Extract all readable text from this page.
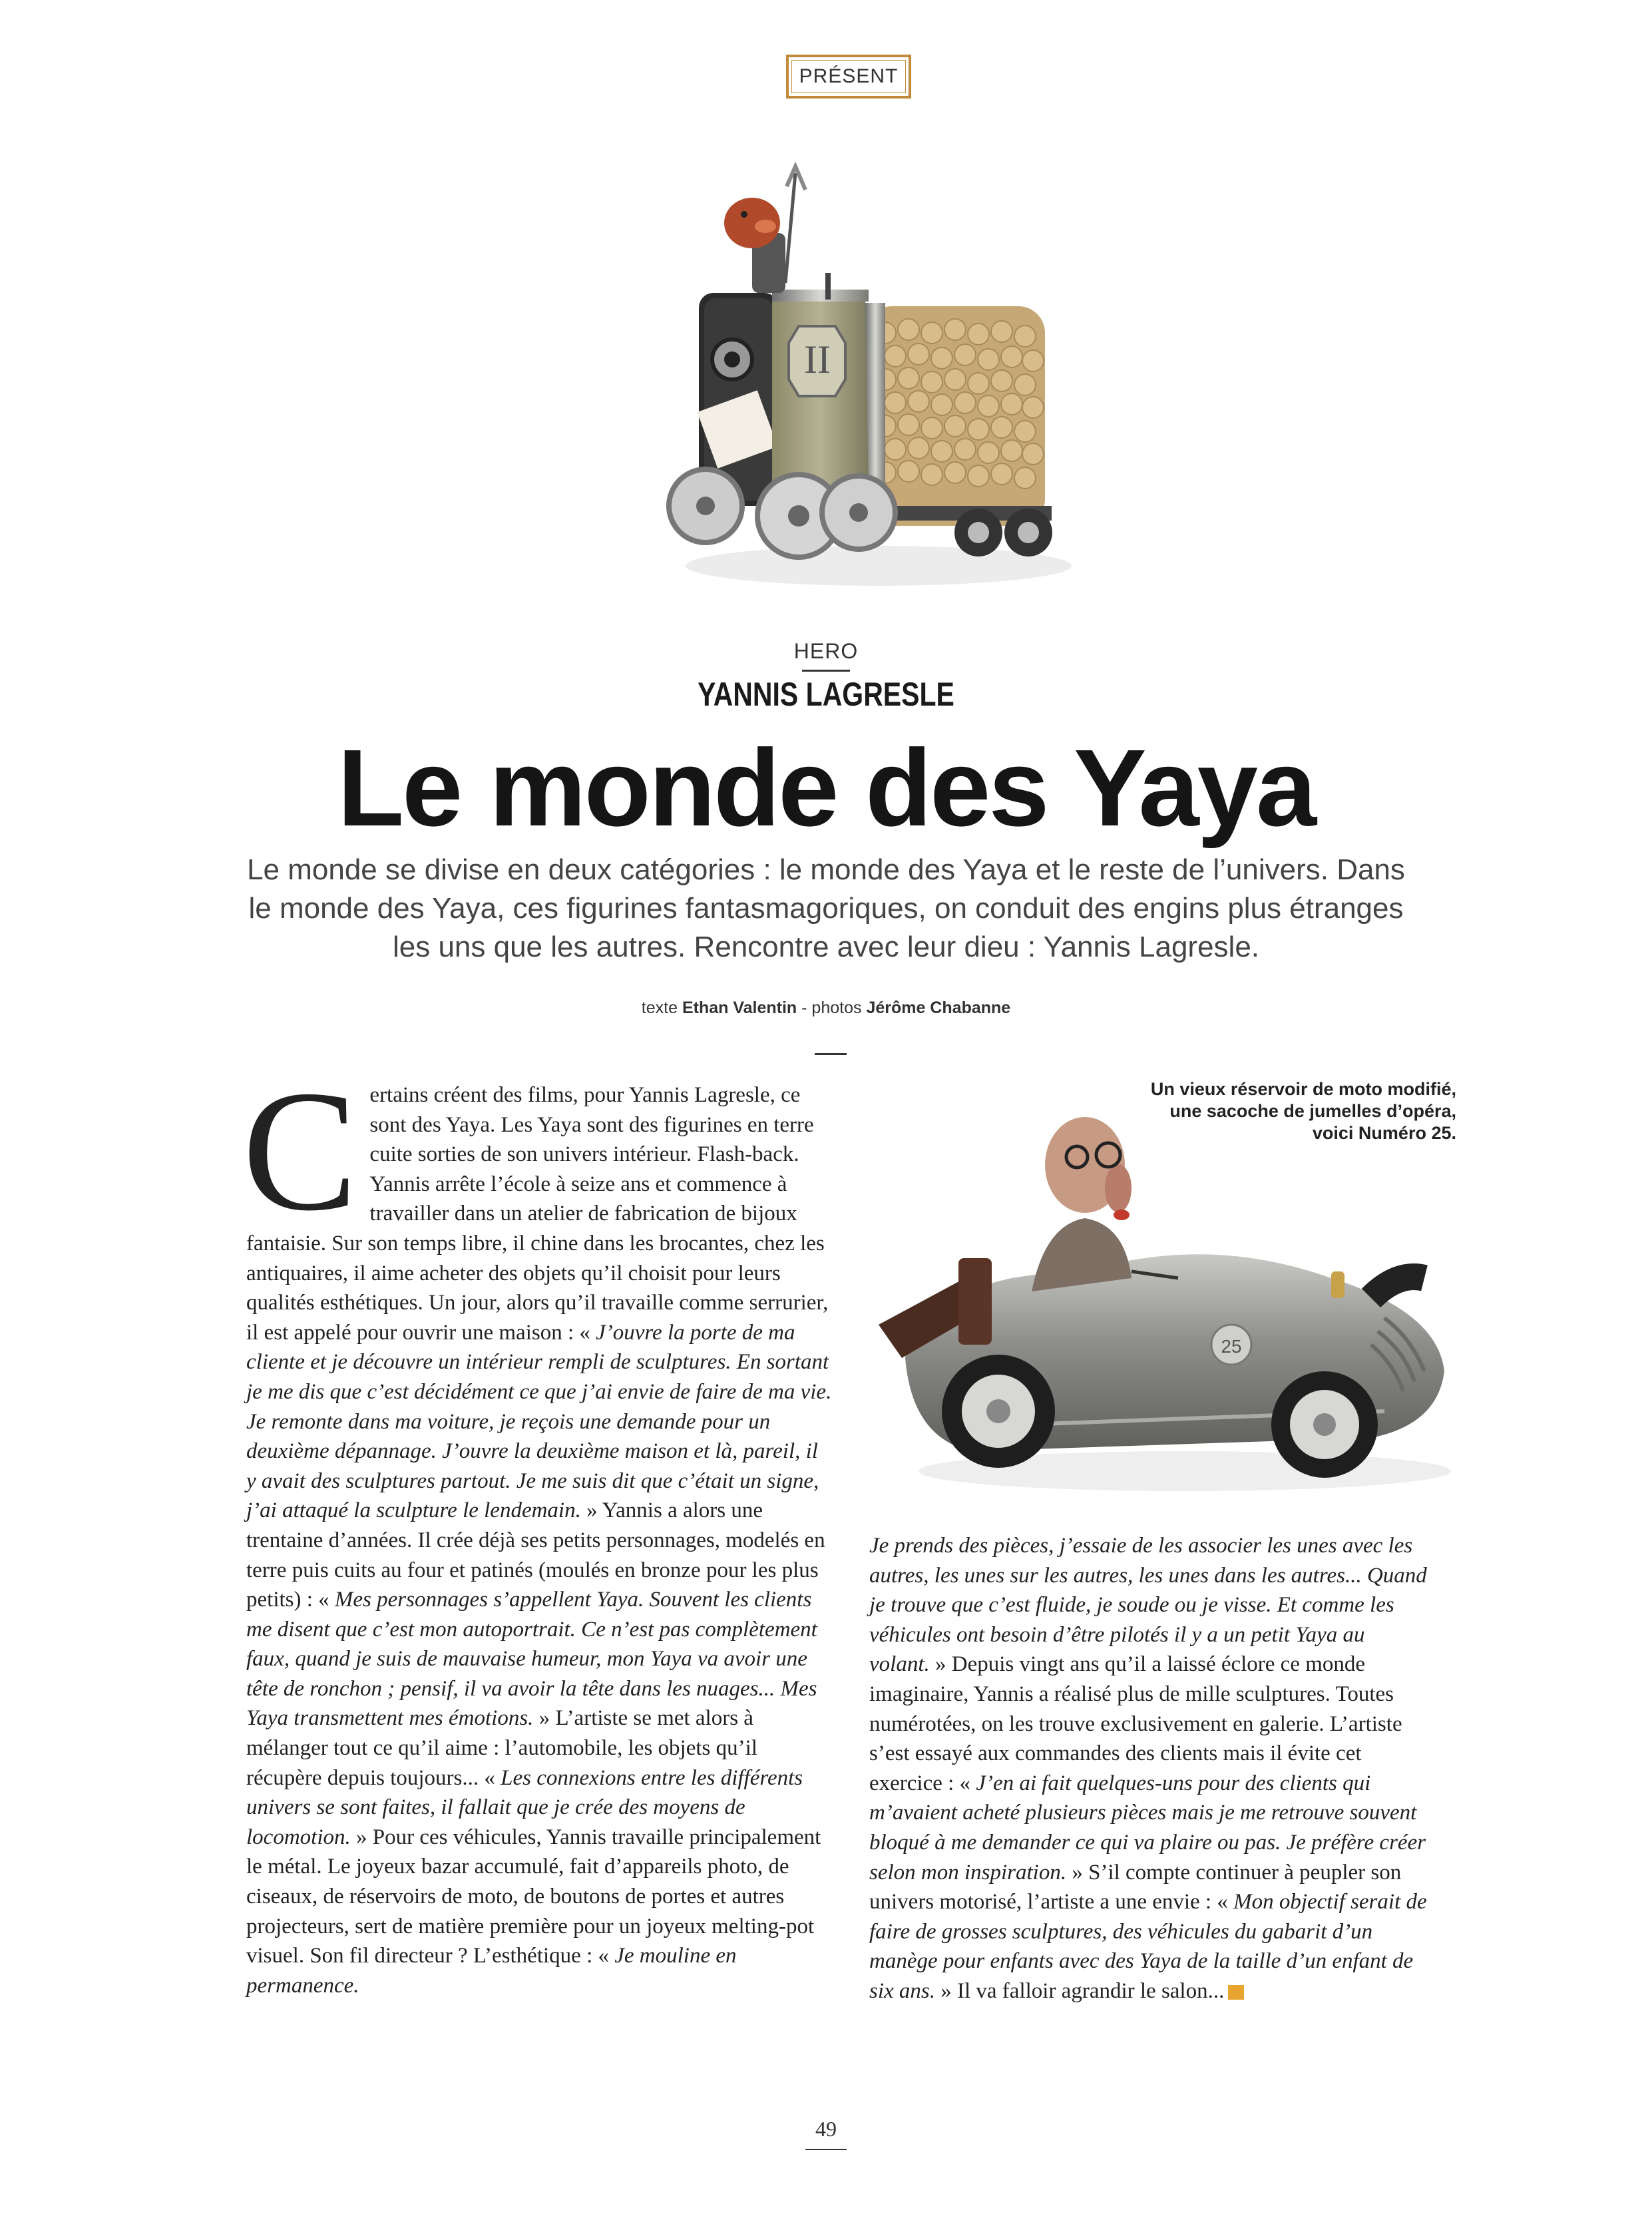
PRÉSENT
II
HERO
YANNIS LAGRESLE
Le monde des Yaya
Le monde se divise en deux catégories : le monde des Yaya et le reste de l’univers. Dans le monde des Yaya, ces figurines fantasmagoriques, on conduit des engins plus étranges les uns que les autres. Rencontre avec leur dieu : Yannis Lagresle.
texte Ethan Valentin - photos Jérôme Chabanne

Certains créent des films, pour Yannis Lagresle, ce sont des Yaya. Les Yaya sont des figurines en terre cuite sorties de son univers intérieur. Flash-back. Yannis arrête l’école à seize ans et commence à travailler dans un atelier de fabrication de bijoux fantaisie. Sur son temps libre, il chine dans les brocantes, chez les antiquaires, il aime acheter des objets qu’il choisit pour leurs qualités esthétiques. Un jour, alors qu’il travaille comme serrurier, il est appelé pour ouvrir une maison : « J’ouvre la porte de ma cliente et je découvre un intérieur rempli de sculptures. En sortant je me dis que c’est décidément ce que j’ai envie de faire de ma vie. Je remonte dans ma voiture, je reçois une demande pour un deuxième dépannage. J’ouvre la deuxième maison et là, pareil, il y avait des sculptures partout. Je me suis dit que c’était un signe, j’ai attaqué la sculpture le lendemain. » Yannis a alors une trentaine d’années. Il crée déjà ses petits personnages, modelés en terre puis cuits au four et patinés (moulés en bronze pour les plus petits) : « Mes personnages s’appellent Yaya. Souvent les clients me disent que c’est mon autoportrait. Ce n’est pas complètement faux, quand je suis de mauvaise humeur, mon Yaya va avoir une tête de ronchon ; pensif, il va avoir la tête dans les nuages... Mes Yaya transmettent mes émotions. » L’artiste se met alors à mélanger tout ce qu’il aime : l’automobile, les objets qu’il récupère depuis toujours... « Les connexions entre les différents univers se sont faites, il fallait que je crée des moyens de locomotion. » Pour ces véhicules, Yannis travaille principalement le métal. Le joyeux bazar accumulé, fait d’appareils photo, de ciseaux, de réservoirs de moto, de boutons de portes et autres projecteurs, sert de matière première pour un joyeux melting-pot visuel. Son fil directeur ? L’esthétique : « Je mouline en permanence.

25
Un vieux réservoir de moto modifié, une sacoche de jumelles d’opéra, voici Numéro 25.

Je prends des pièces, j’essaie de les associer les unes avec les autres, les unes sur les autres, les unes dans les autres... Quand je trouve que c’est fluide, je soude ou je visse. Et comme les véhicules ont besoin d’être pilotés il y a un petit Yaya au volant. » Depuis vingt ans qu’il a laissé éclore ce monde imaginaire, Yannis a réalisé plus de mille sculptures. Toutes numérotées, on les trouve exclusivement en galerie. L’artiste s’est essayé aux commandes des clients mais il évite cet exercice : « J’en ai fait quelques-uns pour des clients qui m’avaient acheté plusieurs pièces mais je me retrouve souvent bloqué à me demander ce qui va plaire ou pas. Je préfère créer selon mon inspiration. » S’il compte continuer à peupler son univers motorisé, l’artiste a une envie : « Mon objectif serait de faire de grosses sculptures, des véhicules du gabarit d’un manège pour enfants avec des Yaya de la taille d’un enfant de six ans. » Il va falloir agrandir le salon...

49
